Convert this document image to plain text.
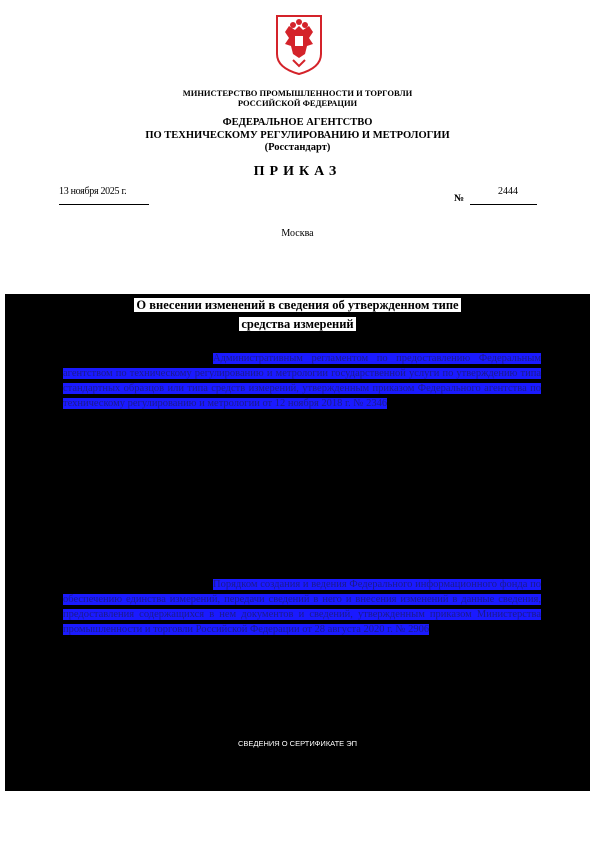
МИНИСТЕРСТВО ПРОМЫШЛЕННОСТИ И ТОРГОВЛИ
РОССИЙСКОЙ ФЕДЕРАЦИИ
ФЕДЕРАЛЬНОЕ АГЕНТСТВО
ПО ТЕХНИЧЕСКОМУ РЕГУЛИРОВАНИЮ И МЕТРОЛОГИИ
(Росстандарт)
ПРИКАЗ
13 ноября 2025 г.
№
2444
Москва
О внесении изменений в сведения об утвержденном типе
средства измерений
Административным регламентом по предоставлению Федеральным агентством по техническому регулированию и метрологии государственной услуги по утверждению типа стандартных образцов или типа средств измерений, утвержденным приказом Федерального агентства по техническому регулированию и метрологии от 12 ноября 2018 г. № 2346
Порядком создания и ведения Федерального информационного фонда по обеспечению единства измерений, передачи сведений в него и внесения изменений в данные сведения, предоставления содержащихся в нем документов и сведений, утвержденным приказом Министерства промышленности и торговли Российской Федерации от 28 августа 2020 г. № 2906
СВЕДЕНИЯ О СЕРТИФИКАТЕ ЭП
